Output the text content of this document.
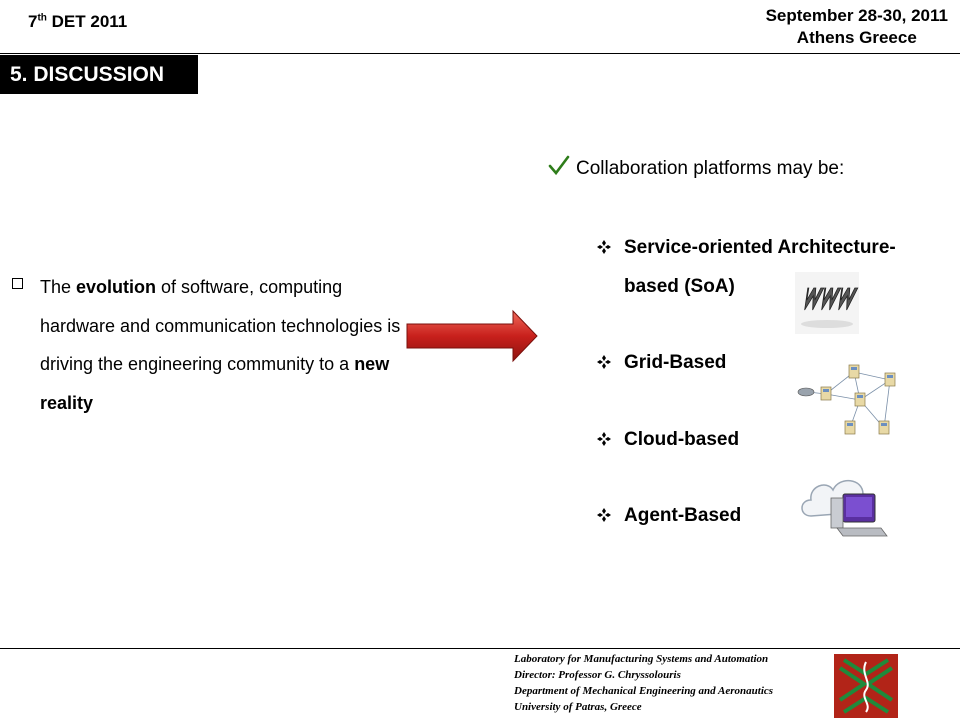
7th DET 2011	September 28-30, 2011
Athens Greece
5. DISCUSSION
The evolution of software, computing hardware and communication technologies is driving the engineering community to a new reality
Collaboration platforms may be:
Service-oriented Architecture-
based (SoA)
Grid-Based
Cloud-based
Agent-Based
Laboratory for Manufacturing Systems and Automation
Director: Professor G. Chryssolouris
Department of Mechanical Engineering and Aeronautics
University of Patras, Greece
